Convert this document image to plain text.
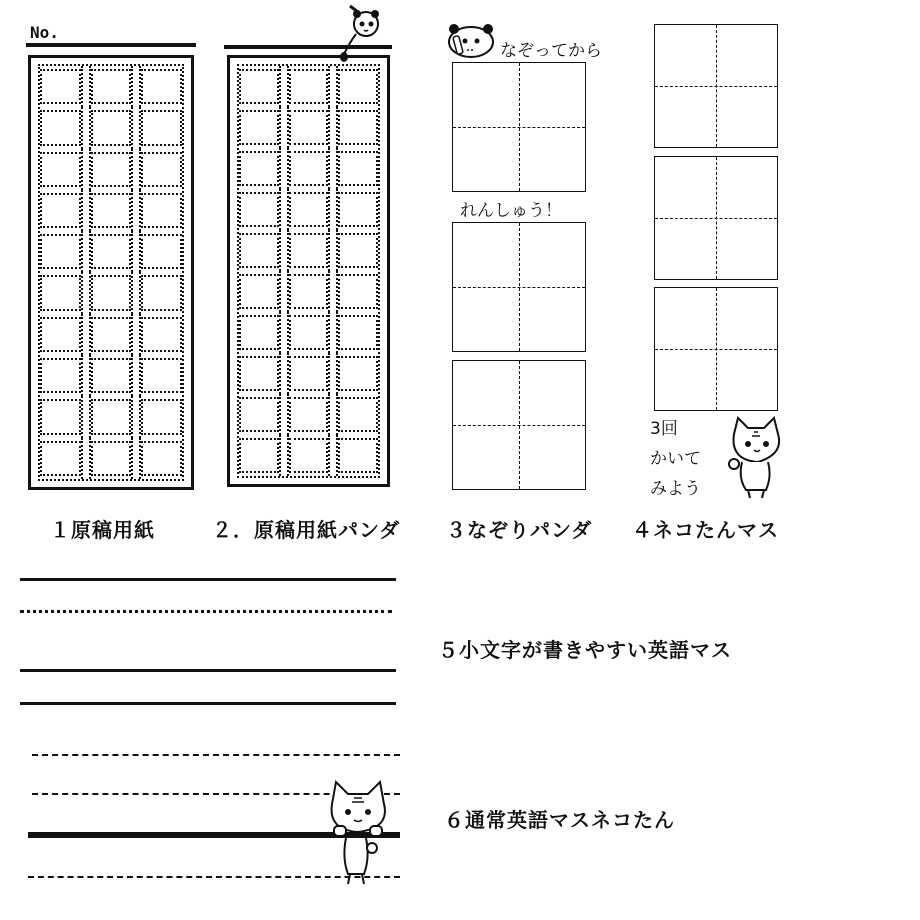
No.
なぞってから
れんしゅう！
3回
かいて
みよう
１原稿用紙	２．原稿用紙パンダ ３なぞりパンダ ４ネコたんマス
５小文字が書きやすい英語マス
６通常英語マスネコたん
